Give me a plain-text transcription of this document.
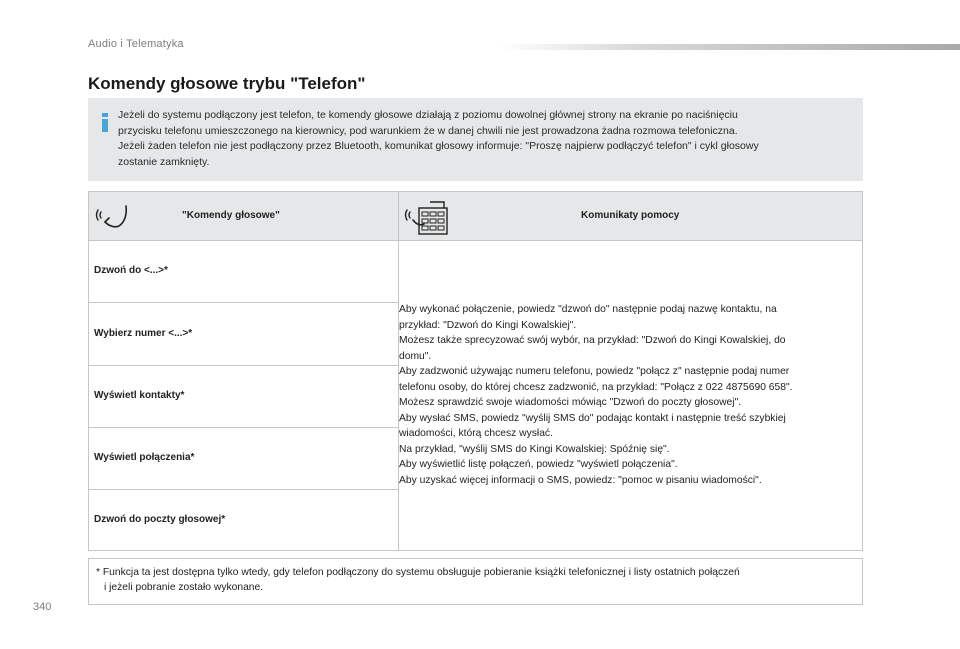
Audio i Telematyka
Komendy głosowe trybu "Telefon"

Jeżeli do systemu podłączony jest telefon, te komendy głosowe działają z poziomu dowolnej głównej strony na ekranie po naciśnięciu

przycisku telefonu umieszczonego na kierownicy, pod warunkiem że w danej chwili nie jest prowadzona żadna rozmowa telefoniczna.

Jeżeli żaden telefon nie jest podłączony przez Bluetooth, komunikat głosowy informuje: "Proszę najpierw podłączyć telefon" i cykl głosowy

zostanie zamknięty.

"Komendy głosowe"	Komunikaty pomocy
Dzwoń do <...>*
Wybierz numer <...>*
Wyświetl kontakty*
Wyświetl połączenia*
Dzwoń do poczty głosowej*

Aby wykonać połączenie, powiedz "dzwoń do" następnie podaj nazwę kontaktu, na

przykład: "Dzwoń do Kingi Kowalskiej".

Możesz także sprecyzować swój wybór, na przykład: "Dzwoń do Kingi Kowalskiej, do

domu".

Aby zadzwonić używając numeru telefonu, powiedz "połącz z" następnie podaj numer

telefonu osoby, do której chcesz zadzwonić, na przykład: "Połącz z 022 4875690 658".

Możesz sprawdzić swoje wiadomości mówiąc "Dzwoń do poczty głosowej".

Aby wysłać SMS, powiedz "wyślij SMS do" podając kontakt i następnie treść szybkiej

wiadomości, którą chcesz wysłać.

Na przykład, "wyślij SMS do Kingi Kowalskiej: Spóźnię się".

Aby wyświetlić listę połączeń, powiedz "wyświetl połączenia".

Aby uzyskać więcej informacji o SMS, powiedz: "pomoc w pisaniu wiadomości".

* Funkcja ta jest dostępna tylko wtedy, gdy telefon podłączony do systemu obsługuje pobieranie książki telefonicznej i listy ostatnich połączeń

i jeżeli pobranie zostało wykonane.

340
